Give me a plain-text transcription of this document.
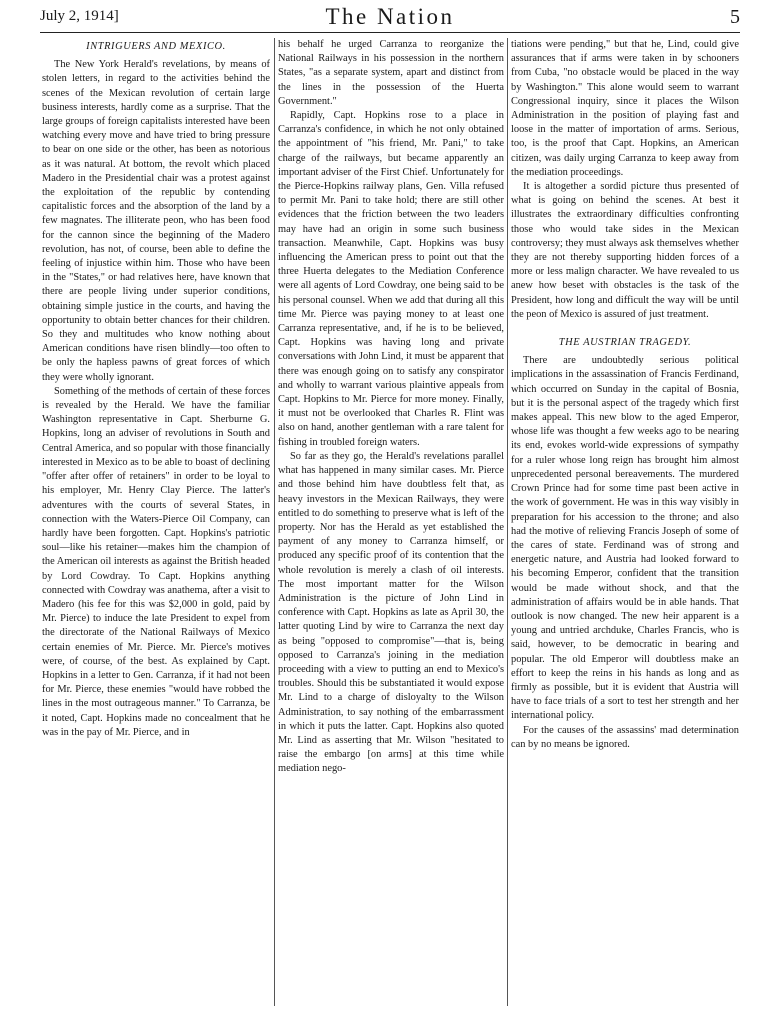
July 2, 1914]	The Nation	5
INTRIGUERS AND MEXICO.

The New York Herald's revelations, by means of stolen letters, in regard to the activities behind the scenes of the Mexican revolution of certain large business interests, hardly come as a surprise. That the large groups of foreign capitalists interested have been watching every move and have tried to bring pressure to bear on one side or the other, has been as notorious as it was natural. At bottom, the revolt which placed Madero in the Presidential chair was a protest against the exploitation of the republic by contending capitalistic forces and the absorption of the land by a few magnates. The illiterate peon, who has been food for the cannon since the beginning of the Madero revolution, has not, of course, been able to define the feeling of injustice within him. Those who have been in the "States," or had relatives here, have known that there are people living under superior conditions, obtaining simple justice in the courts, and having the opportunity to obtain better chances for their children. So they and multitudes who know nothing about American conditions have risen blindly—too often to be only the hapless pawns of great forces of which they were wholly ignorant.

Something of the methods of certain of these forces is revealed by the Herald. We have the familiar Washington representative in Capt. Sherburne G. Hopkins, long an adviser of revolutions in South and Central America, and so popular with those financially interested in Mexico as to be able to boast of declining "offer after offer of retainers" in order to be loyal to his employer, Mr. Henry Clay Pierce. The latter's adventures with the courts of several States, in connection with the Waters-Pierce Oil Company, can hardly have been forgotten. Capt. Hopkins's patriotic soul—like his retainer—makes him the champion of the American oil interests as against the British headed by Lord Cowdray. To Capt. Hopkins anything connected with Cowdray was anathema, after a visit to Madero (his fee for this was $2,000 in gold, paid by Mr. Pierce) to induce the late President to expel from the directorate of the National Railways of Mexico certain enemies of Mr. Pierce. Mr. Pierce's motives were, of course, of the best. As explained by Capt. Hopkins in a letter to Gen. Carranza, if it had not been for Mr. Pierce, these enemies "would have robbed the lines in the most outrageous manner." To Carranza, be it noted, Capt. Hopkins made no concealment that he was in the pay of Mr. Pierce, and in

his behalf he urged Carranza to reorganize the National Railways in his possession in the northern States, "as a separate system, apart and distinct from the lines in the possession of the Huerta Government."

Rapidly, Capt. Hopkins rose to a place in Carranza's confidence, in which he not only obtained the appointment of "his friend, Mr. Pani," to take charge of the railways, but became apparently an important adviser of the First Chief. Unfortunately for the Pierce-Hopkins railway plans, Gen. Villa refused to permit Mr. Pani to take hold; there are still other evidences that the friction between the two leaders may have had an origin in some such business transaction. Meanwhile, Capt. Hopkins was busy influencing the American press to point out that the three Huerta delegates to the Mediation Conference were all agents of Lord Cowdray, one being said to be his personal counsel. When we add that during all this time Mr. Pierce was paying money to at least one Carranza representative, and, if he is to be believed, Capt. Hopkins was having long and private conversations with John Lind, it must be apparent that there was enough going on to satisfy any conspirator and wholly to warrant various plaintive appeals from Capt. Hopkins to Mr. Pierce for more money. Finally, it must not be overlooked that Charles R. Flint was also on hand, another gentleman with a rare talent for fishing in troubled foreign waters.

So far as they go, the Herald's revelations parallel what has happened in many similar cases. Mr. Pierce and those behind him have doubtless felt that, as heavy investors in the Mexican Railways, they were entitled to do something to preserve what is left of the property. Nor has the Herald as yet established the payment of any money to Carranza himself, or produced any specific proof of its contention that the whole revolution is merely a clash of oil interests. The most important matter for the Wilson Administration is the picture of John Lind in conference with Capt. Hopkins as late as April 30, the latter quoting Lind by wire to Carranza the next day as being "opposed to compromise"—that is, being opposed to Carranza's joining in the mediation proceeding with a view to putting an end to Mexico's troubles. Should this be substantiated it would expose Mr. Lind to a charge of disloyalty to the Wilson Administration, to say nothing of the embarrassment in which it puts the latter. Capt. Hopkins also quoted Mr. Lind as asserting that Mr. Wilson "hesitated to raise the embargo [on arms] at this time while mediation nego-

tiations were pending," but that he, Lind, could give assurances that if arms were taken in by schooners from Cuba, "no obstacle would be placed in the way by Washington." This alone would seem to warrant Congressional inquiry, since it places the Wilson Administration in the position of playing fast and loose in the matter of importation of arms. Serious, too, is the proof that Capt. Hopkins, an American citizen, was daily urging Carranza to keep away from the mediation proceedings.

It is altogether a sordid picture thus presented of what is going on behind the scenes. At best it illustrates the extraordinary difficulties confronting those who would take sides in the Mexican controversy; they must always ask themselves whether they are not thereby supporting hidden forces of a more or less malign character. We have revealed to us anew how beset with obstacles is the task of the President, how long and difficult the way will be until the peon of Mexico is assured of just treatment.

THE AUSTRIAN TRAGEDY.

There are undoubtedly serious political implications in the assassination of Francis Ferdinand, which occurred on Sunday in the capital of Bosnia, but it is the personal aspect of the tragedy which first makes appeal. This new blow to the aged Emperor, whose life was thought a few weeks ago to be nearing its end, evokes world-wide expressions of sympathy for a ruler whose long reign has brought him almost unprecedented personal bereavements. The murdered Crown Prince had for some time past been active in the work of government. He was in this way visibly in preparation for his accession to the throne; and also had the motive of relieving Francis Joseph of some of the cares of state. Ferdinand was of strong and energetic nature, and Austria had looked forward to his becoming Emperor, confident that the transition would be made without shock, and that the administration of affairs would be in able hands. That outlook is now changed. The new heir apparent is a young and untried archduke, Charles Francis, who is said, however, to be democratic in bearing and popular. The old Emperor will doubtless make an effort to keep the reins in his hands as long and as firmly as possible, but it is evident that Austria will have to face trials of a sort to test her strength and her international policy.

For the causes of the assassins' mad determination can by no means be ignored.
